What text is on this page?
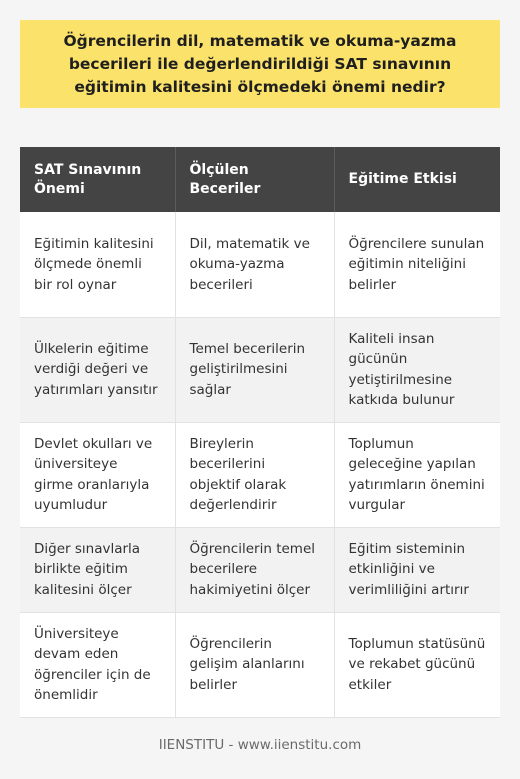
Öğrencilerin dil, matematik ve okuma-yazma becerileri ile değerlendirildiği SAT sınavının eğitimin kalitesini ölçmedeki önemi nedir?
SAT Sınavının Önemi	Ölçülen Beceriler	Eğitime Etkisi
Eğitimin kalitesini ölçmede önemli bir rol oynar	Dil, matematik ve okuma-yazma becerileri	Öğrencilere sunulan eğitimin niteliğini belirler
Ülkelerin eğitime verdiği değeri ve yatırımları yansıtır	Temel becerilerin geliştirilmesini sağlar	Kaliteli insan gücünün yetiştirilmesine katkıda bulunur
Devlet okulları ve üniversiteye girme oranlarıyla uyumludur	Bireylerin becerilerini objektif olarak değerlendirir	Toplumun geleceğine yapılan yatırımların önemini vurgular
Diğer sınavlarla birlikte eğitim kalitesini ölçer	Öğrencilerin temel becerilere hakimiyetini ölçer	Eğitim sisteminin etkinliğini ve verimliliğini artırır
Üniversiteye devam eden öğrenciler için de önemlidir	Öğrencilerin gelişim alanlarını belirler	Toplumun statüsünü ve rekabet gücünü etkiler
IIENSTITU - www.iienstitu.com
